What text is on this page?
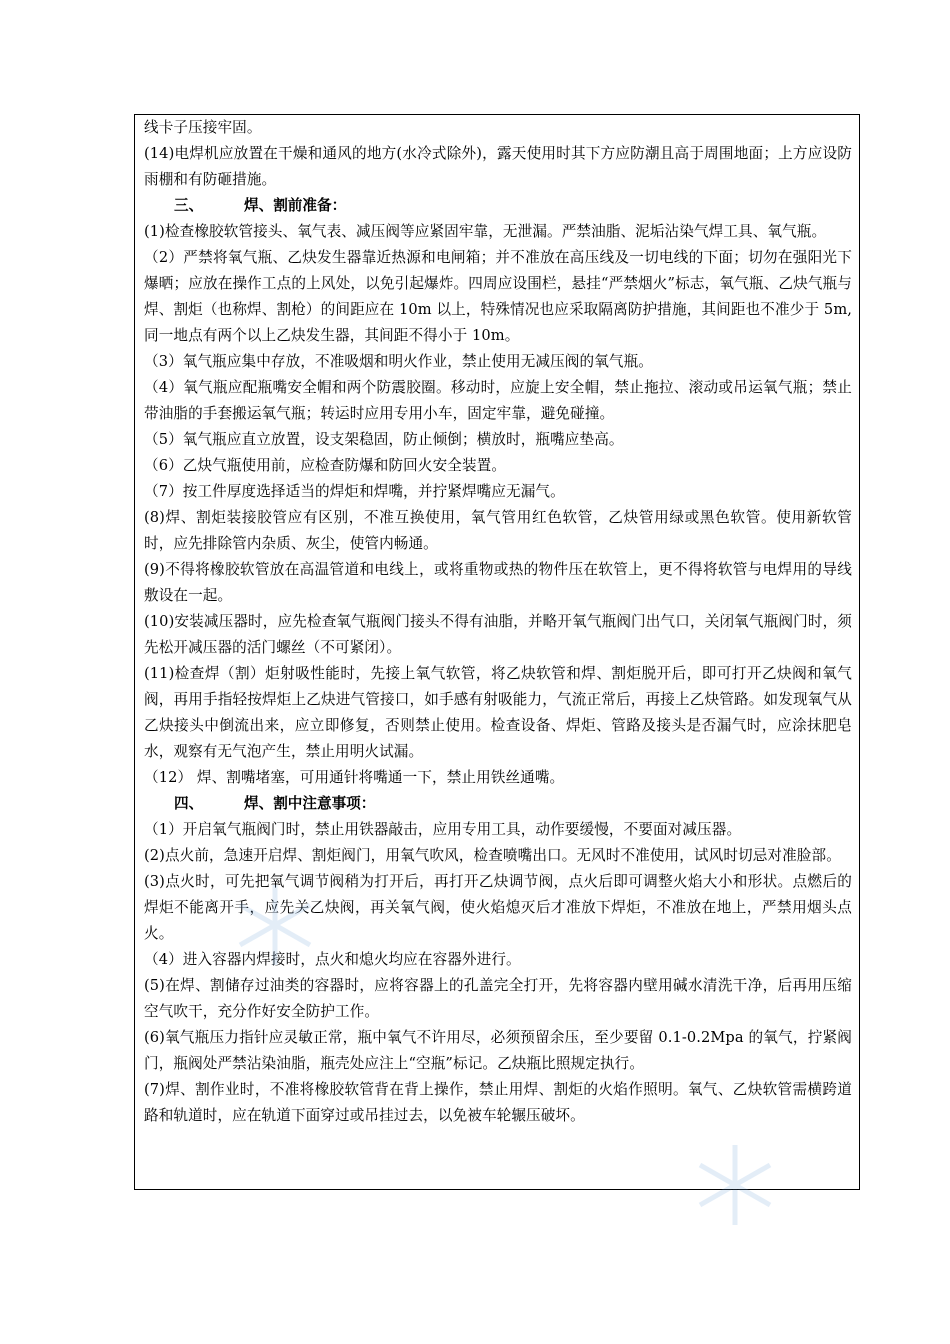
线卡子压接牢固。

(14)电焊机应放置在干燥和通风的地方(水冷式除外)，露天使用时其下方应防潮且高于周围地面；上方应设防雨棚和有防砸措施。

三、	焊、割前准备：

(1)检查橡胶软管接头、氧气表、减压阀等应紧固牢靠，无泄漏。严禁油脂、泥垢沾染气焊工具、氧气瓶。

（2）严禁将氧气瓶、乙炔发生器靠近热源和电闸箱；并不准放在高压线及一切电线的下面；切勿在强阳光下爆晒；应放在操作工点的上风处，以免引起爆炸。四周应设围栏，悬挂“严禁烟火”标志，氧气瓶、乙炔气瓶与焊、割炬（也称焊、割枪）的间距应在 10m 以上，特殊情况也应采取隔离防护措施，其间距也不准少于 5m,同一地点有两个以上乙炔发生器，其间距不得小于 10m。

（3）氧气瓶应集中存放，不准吸烟和明火作业，禁止使用无减压阀的氧气瓶。

（4）氧气瓶应配瓶嘴安全帽和两个防震胶圈。移动时，应旋上安全帽，禁止拖拉、滚动或吊运氧气瓶；禁止带油脂的手套搬运氧气瓶；转运时应用专用小车，固定牢靠，避免碰撞。

（5）氧气瓶应直立放置，设支架稳固，防止倾倒；横放时，瓶嘴应垫高。

（6）乙炔气瓶使用前，应检查防爆和防回火安全装置。

（7）按工件厚度选择适当的焊炬和焊嘴，并拧紧焊嘴应无漏气。

(8)焊、割炬装接胶管应有区别，不准互换使用，氧气管用红色软管，乙炔管用绿或黑色软管。使用新软管时，应先排除管内杂质、灰尘，使管内畅通。

(9)不得将橡胶软管放在高温管道和电线上，或将重物或热的物件压在软管上，更不得将软管与电焊用的导线敷设在一起。

(10)安装减压器时，应先检查氧气瓶阀门接头不得有油脂，并略开氧气瓶阀门出气口，关闭氧气瓶阀门时，须先松开减压器的活门螺丝（不可紧闭）。

(11)检查焊（割）炬射吸性能时，先接上氧气软管，将乙炔软管和焊、割炬脱开后，即可打开乙炔阀和氧气阀，再用手指轻按焊炬上乙炔进气管接口，如手感有射吸能力，气流正常后，再接上乙炔管路。如发现氧气从乙炔接头中倒流出来，应立即修复，否则禁止使用。检查设备、焊炬、管路及接头是否漏气时，应涂抹肥皂水，观察有无气泡产生，禁止用明火试漏。

（12） 焊、割嘴堵塞，可用通针将嘴通一下，禁止用铁丝通嘴。

四、	焊、割中注意事项：

（1）开启氧气瓶阀门时，禁止用铁器敲击，应用专用工具，动作要缓慢，不要面对减压器。

(2)点火前，急速开启焊、割炬阀门，用氧气吹风，检查喷嘴出口。无风时不准使用，试风时切忌对准脸部。

(3)点火时，可先把氧气调节阀稍为打开后，再打开乙炔调节阀，点火后即可调整火焰大小和形状。点燃后的焊炬不能离开手，应先关乙炔阀，再关氧气阀，使火焰熄灭后才准放下焊炬，不准放在地上，严禁用烟头点火。

（4）进入容器内焊接时，点火和熄火均应在容器外进行。

(5)在焊、割储存过油类的容器时，应将容器上的孔盖完全打开，先将容器内壁用碱水清洗干净，后再用压缩空气吹干，充分作好安全防护工作。

(6)氧气瓶压力指针应灵敏正常，瓶中氧气不许用尽，必须预留余压，至少要留 0.1-0.2Mpa 的氧气，拧紧阀门，瓶阀处严禁沾染油脂，瓶壳处应注上“空瓶”标记。乙炔瓶比照规定执行。

(7)焊、割作业时，不准将橡胶软管背在背上操作，禁止用焊、割炬的火焰作照明。氧气、乙炔软管需横跨道路和轨道时，应在轨道下面穿过或吊挂过去，以免被车轮辗压破坏。
